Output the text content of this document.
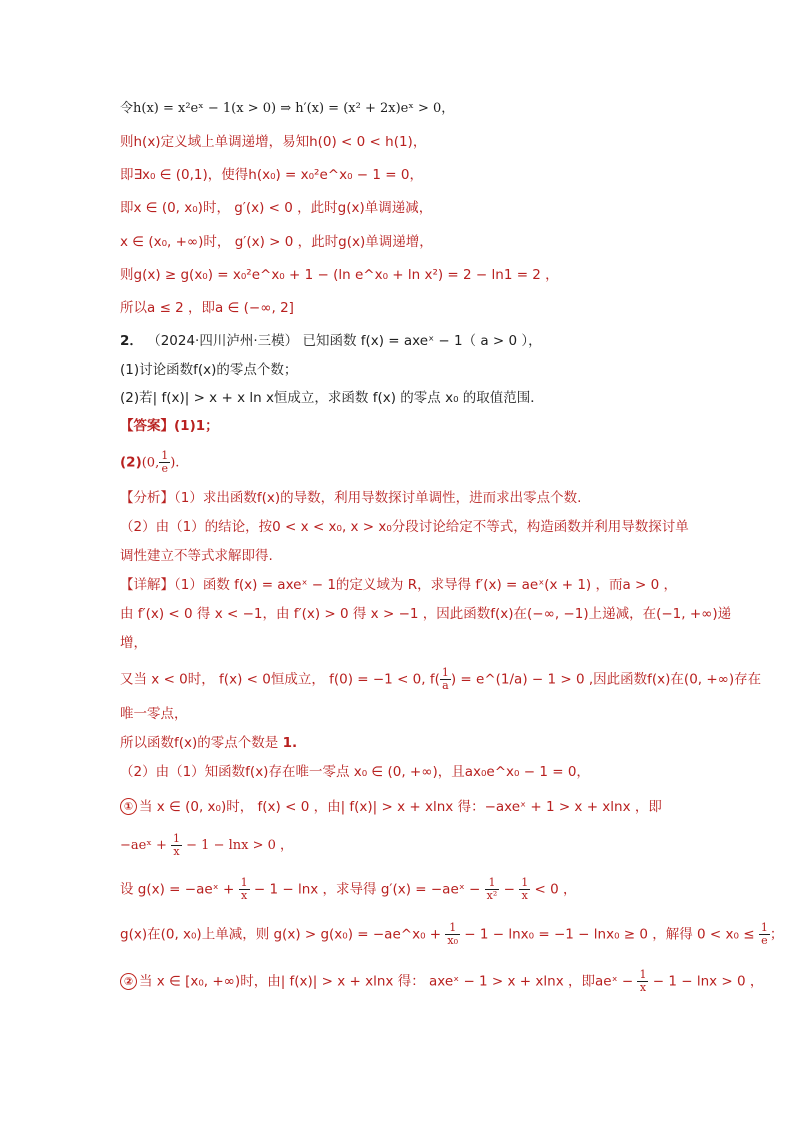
令h(x) = x²eˣ − 1(x > 0) ⇒ h′(x) = (x² + 2x)eˣ > 0，
则h(x)定义域上单调递增，易知h(0) < 0 < h(1)，
即∃x₀ ∈ (0,1)，使得h(x₀) = x₀²e^x₀ − 1 = 0，
即x ∈ (0, x₀)时， g′(x) < 0 ，此时g(x)单调递减，
x ∈ (x₀, +∞)时， g′(x) > 0 ，此时g(x)单调递增，
则g(x) ≥ g(x₀) = x₀²e^x₀ + 1 − (ln e^x₀ + ln x²) = 2 − ln1 = 2 ，
所以a ≤ 2 ，即a ∈ (−∞, 2]
2． （2024·四川泸州·三模） 已知函数 f(x) = axeˣ − 1（ a > 0 ），
(1)讨论函数f(x)的零点个数；
(2)若| f(x)| > x + x ln x恒成立，求函数 f(x) 的零点 x₀ 的取值范围．
【答案】(1)1；
(2)(0, $\frac{1}{e}$ ).
【分析】（1）求出函数f(x)的导数，利用导数探讨单调性，进而求出零点个数.
（2）由（1）的结论，按0 < x < x₀, x > x₀分段讨论给定不等式，构造函数并利用导数探讨单
调性建立不等式求解即得.
【详解】（1）函数 f(x) = axeˣ − 1的定义域为 R，求导得 f′(x) = aeˣ(x + 1) ，而a > 0 ，
由 f′(x) < 0 得 x < −1，由 f′(x) > 0 得 x > −1 ，因此函数f(x)在(−∞, −1)上递减，在(−1, +∞)递
增，
又当 x < 0时， f(x) < 0恒成立， f(0) = −1 < 0, $f( \frac{1}{a}$ ) = e^(1/a) − 1 > 0 ,因此函数f(x)在(0, +∞)存在
唯一零点，
所以函数f(x)的零点个数是 1.
（2）由（1）知函数f(x)存在唯一零点 x₀ ∈ (0, +∞)，且ax₀e^x₀ − 1 = 0，
① 当 x ∈ (0, x₀)时， f(x) < 0 ，由| f(x)| > x + xlnx 得：−axeˣ + 1 > x + xlnx ，即
−aeˣ + $\frac{1}{x} - 1 - \ln x > 0$ ，
设 g(x) = −aeˣ + $\frac{1}{x} - 1 - \ln x$ ，求导得 g′(x) = −aeˣ − $\frac{1}{\text{x²}} - \frac{1}{x} < 0$ ，
g(x)在(0, x₀)上单减，则 g(x) > g(x₀) = −ae^x₀ + $\frac{1}{\text{x₀}} - 1 - \ln x_0 = -1 - \ln x_0 \ge 0$ ，解得 $0 < x_0 \le \frac{1}{e}$ ；
② 当 x ∈ [x₀, +∞)时，由| f(x)| > x + xlnx 得： axeˣ − 1 > x + xlnx ，即aeˣ − $\frac{1}{x} - 1 - \ln x > 0$ ，
